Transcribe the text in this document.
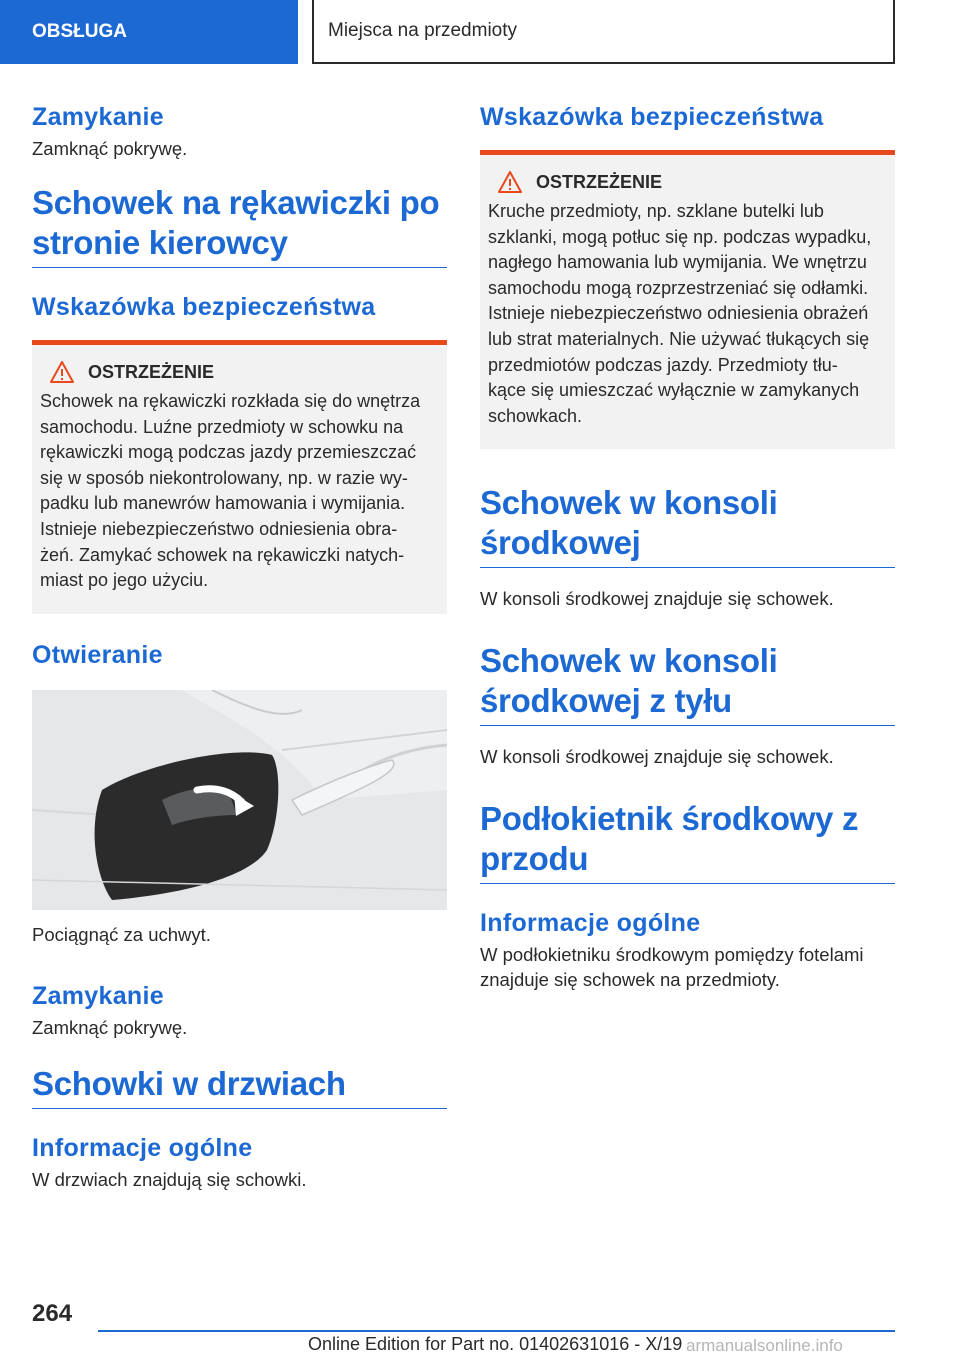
OBSŁUGA	Miejsca na przedmioty
Zamykanie

Zamknąć pokrywę.

Schowek na rękawiczki po stronie kierowcy
Wskazówka bezpieczeństwa
OSTRZEŻENIE

Schowek na rękawiczki rozkłada się do wnętrza

samochodu. Luźne przedmioty w schowku na

rękawiczki mogą podczas jazdy przemieszczać

się w sposób niekontrolowany, np. w razie wy-

padku lub manewrów hamowania i wymijania.

Istnieje niebezpieczeństwo odniesienia obra-

żeń. Zamykać schowek na rękawiczki natych-

miast po jego użyciu.

Otwieranie

Pociągnąć za uchwyt.

Zamykanie

Zamknąć pokrywę.

Schowki w drzwiach
Informacje ogólne

W drzwiach znajdują się schowki.

Wskazówka bezpieczeństwa
OSTRZEŻENIE

Kruche przedmioty, np. szklane butelki lub

szklanki, mogą potłuc się np. podczas wypadku,

nagłego hamowania lub wymijania. We wnętrzu

samochodu mogą rozprzestrzeniać się odłamki.

Istnieje niebezpieczeństwo odniesienia obrażeń

lub strat materialnych. Nie używać tłukących się

przedmiotów podczas jazdy. Przedmioty tłu-

kące się umieszczać wyłącznie w zamykanych

schowkach.

Schowek w konsoli środkowej

W konsoli środkowej znajduje się schowek.

Schowek w konsoli środkowej z tyłu

W konsoli środkowej znajduje się schowek.

Podłokietnik środkowy z przodu
Informacje ogólne

W podłokietniku środkowym pomiędzy fotelami znajduje się schowek na przedmioty.

264
Online Edition for Part no. 01402631016 - X/19 armanualsonline.info
